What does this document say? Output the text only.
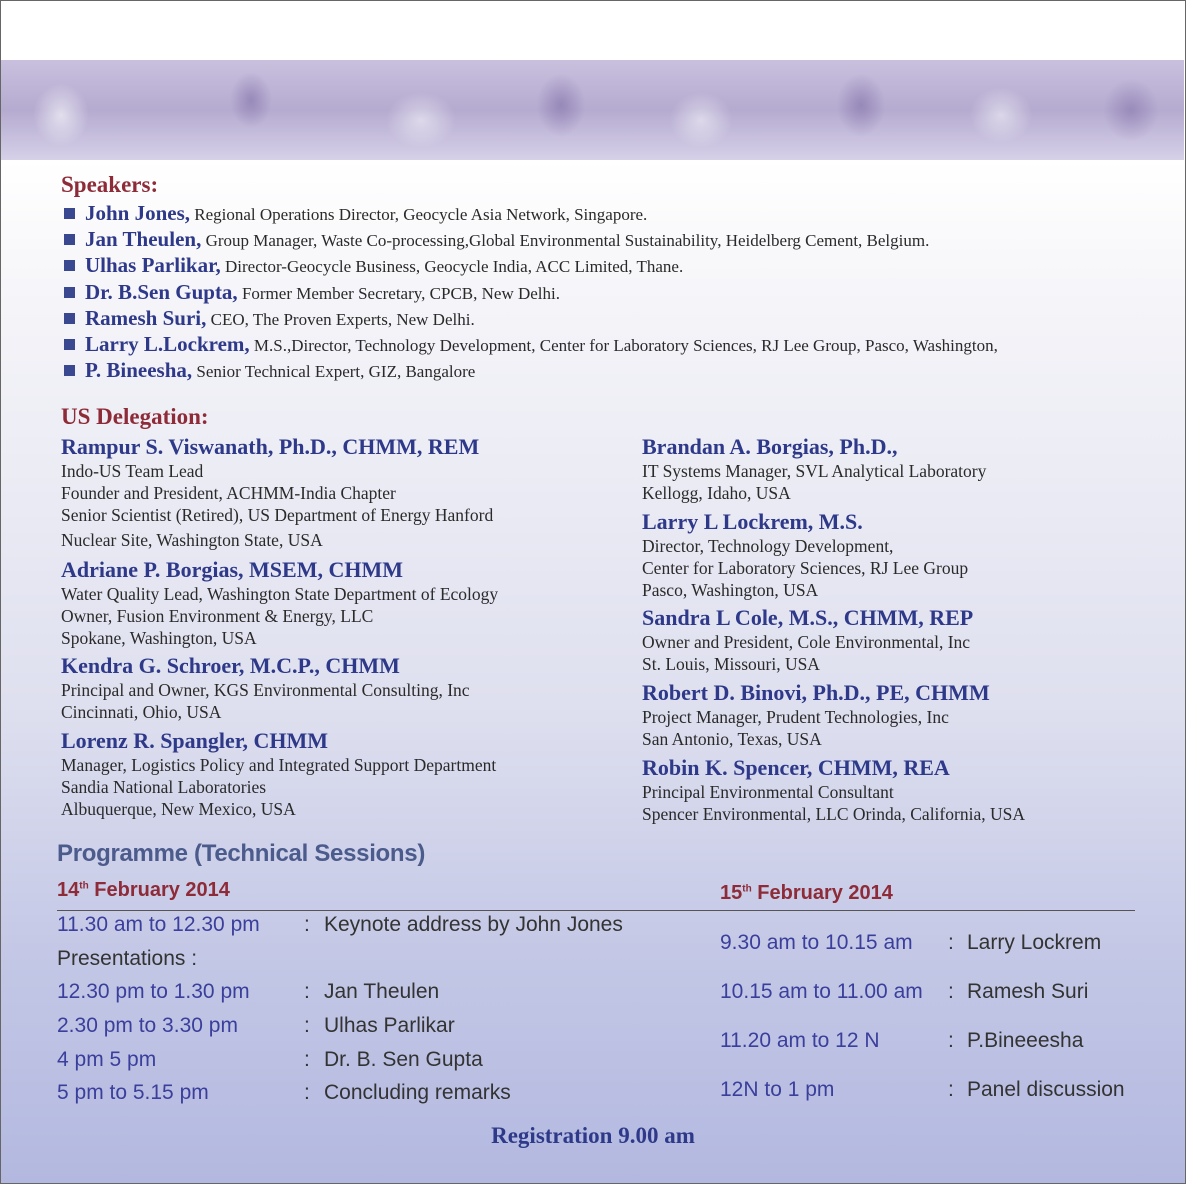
Speakers:
John Jones, Regional Operations Director, Geocycle Asia Network, Singapore.
Jan Theulen, Group Manager, Waste Co-processing,Global Environmental Sustainability, Heidelberg Cement, Belgium.
Ulhas Parlikar, Director-Geocycle Business, Geocycle India, ACC Limited, Thane.
Dr. B.Sen Gupta, Former Member Secretary, CPCB, New Delhi.
Ramesh Suri, CEO, The Proven Experts, New Delhi.
Larry L.Lockrem, M.S.,Director, Technology Development, Center for Laboratory Sciences, RJ Lee Group, Pasco, Washington,
P. Bineesha, Senior Technical Expert, GIZ, Bangalore
US Delegation:
Rampur S. Viswanath, Ph.D., CHMM, REM
Indo-US Team Lead
Founder and President, ACHMM-India Chapter
Senior Scientist (Retired), US Department of Energy Hanford
Nuclear Site, Washington State, USA
Adriane P. Borgias, MSEM, CHMM
Water Quality Lead, Washington State Department of Ecology
Owner, Fusion Environment & Energy, LLC
Spokane, Washington, USA
Kendra G. Schroer, M.C.P., CHMM
Principal and Owner, KGS Environmental Consulting, Inc
Cincinnati, Ohio, USA
Lorenz R. Spangler, CHMM
Manager, Logistics Policy and Integrated Support Department
Sandia National Laboratories
Albuquerque, New Mexico, USA
Brandan A. Borgias, Ph.D.,
IT Systems Manager, SVL Analytical Laboratory
Kellogg, Idaho, USA
Larry L Lockrem, M.S.
Director, Technology Development,
Center for Laboratory Sciences, RJ Lee Group
Pasco, Washington, USA
Sandra L Cole, M.S., CHMM, REP
Owner and President, Cole Environmental, Inc
St. Louis, Missouri, USA
Robert D. Binovi, Ph.D., PE, CHMM
Project Manager, Prudent Technologies, Inc
San Antonio, Texas, USA
Robin K. Spencer, CHMM, REA
Principal Environmental Consultant
Spencer Environmental, LLC Orinda, California, USA
Programme (Technical Sessions)
14th February 2014	15th February 2014
11.30 am to 12.30 pm : Keynote address by John Jones
Presentations :
12.30 pm to 1.30 pm	: Jan Theulen
2.30 pm to 3.30 pm	: Ulhas Parlikar
4 pm 5 pm	: Dr. B. Sen Gupta
5 pm to 5.15 pm	: Concluding remarks
9.30 am to 10.15 am : Larry Lockrem
10.15 am to 11.00 am : Ramesh Suri
11.20 am to 12 N	: P.Bineeesha
12N to 1 pm	: Panel discussion
Registration 9.00 am
